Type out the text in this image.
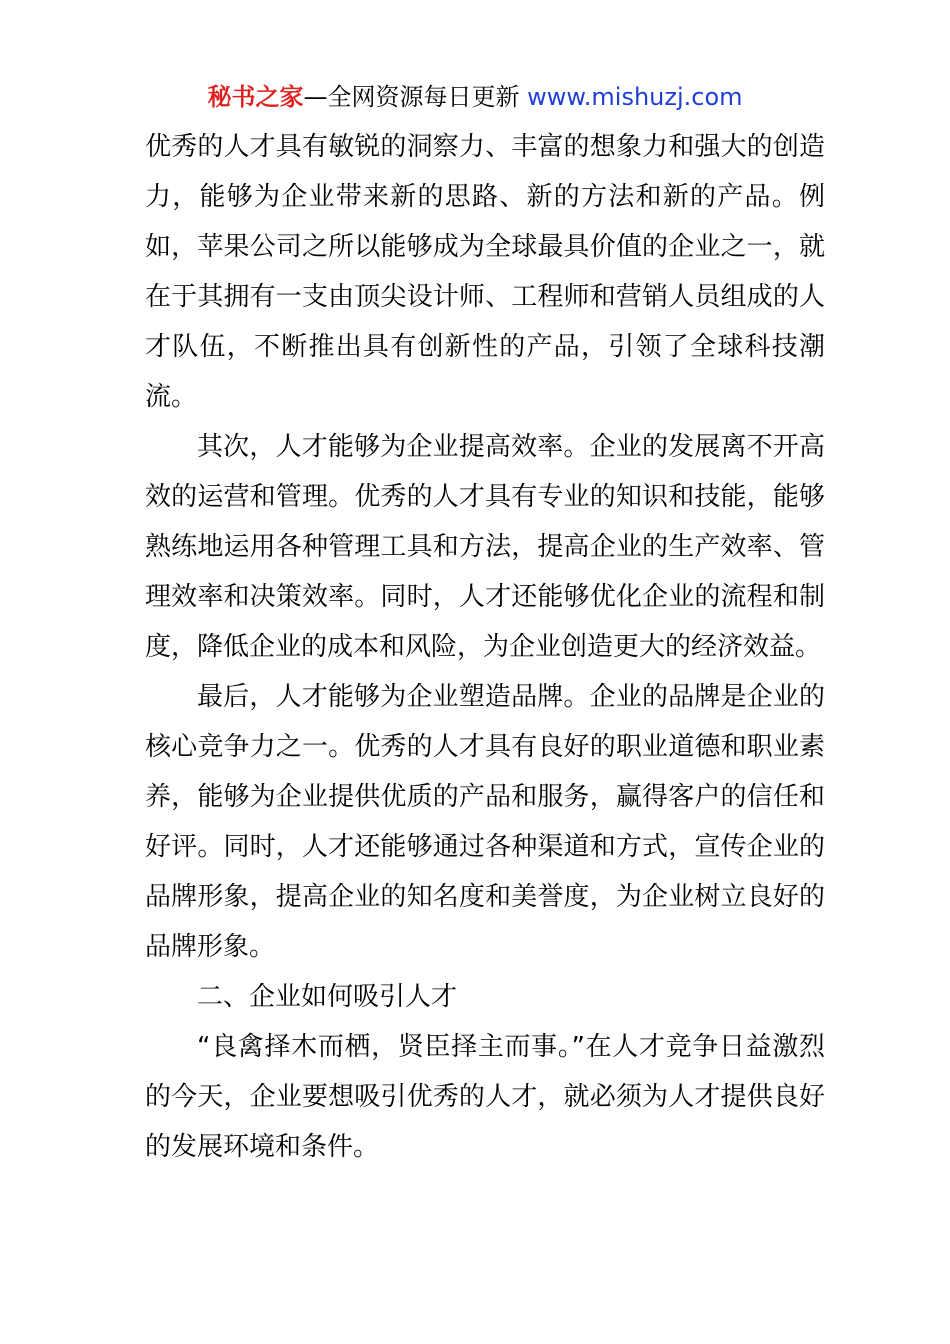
秘书之家—全网资源每日更新 www.mishuzj.com

优秀的人才具有敏锐的洞察力、丰富的想象力和强大的创造力，能够为企业带来新的思路、新的方法和新的产品。例如，苹果公司之所以能够成为全球最具价值的企业之一，就在于其拥有一支由顶尖设计师、工程师和营销人员组成的人才队伍，不断推出具有创新性的产品，引领了全球科技潮流。

其次，人才能够为企业提高效率。企业的发展离不开高效的运营和管理。优秀的人才具有专业的知识和技能，能够熟练地运用各种管理工具和方法，提高企业的生产效率、管理效率和决策效率。同时，人才还能够优化企业的流程和制度，降低企业的成本和风险，为企业创造更大的经济效益。

最后，人才能够为企业塑造品牌。企业的品牌是企业的核心竞争力之一。优秀的人才具有良好的职业道德和职业素养，能够为企业提供优质的产品和服务，赢得客户的信任和好评。同时，人才还能够通过各种渠道和方式，宣传企业的品牌形象，提高企业的知名度和美誉度，为企业树立良好的品牌形象。

二、企业如何吸引人才

“良禽择木而栖，贤臣择主而事。”在人才竞争日益激烈的今天，企业要想吸引优秀的人才，就必须为人才提供良好的发展环境和条件。
